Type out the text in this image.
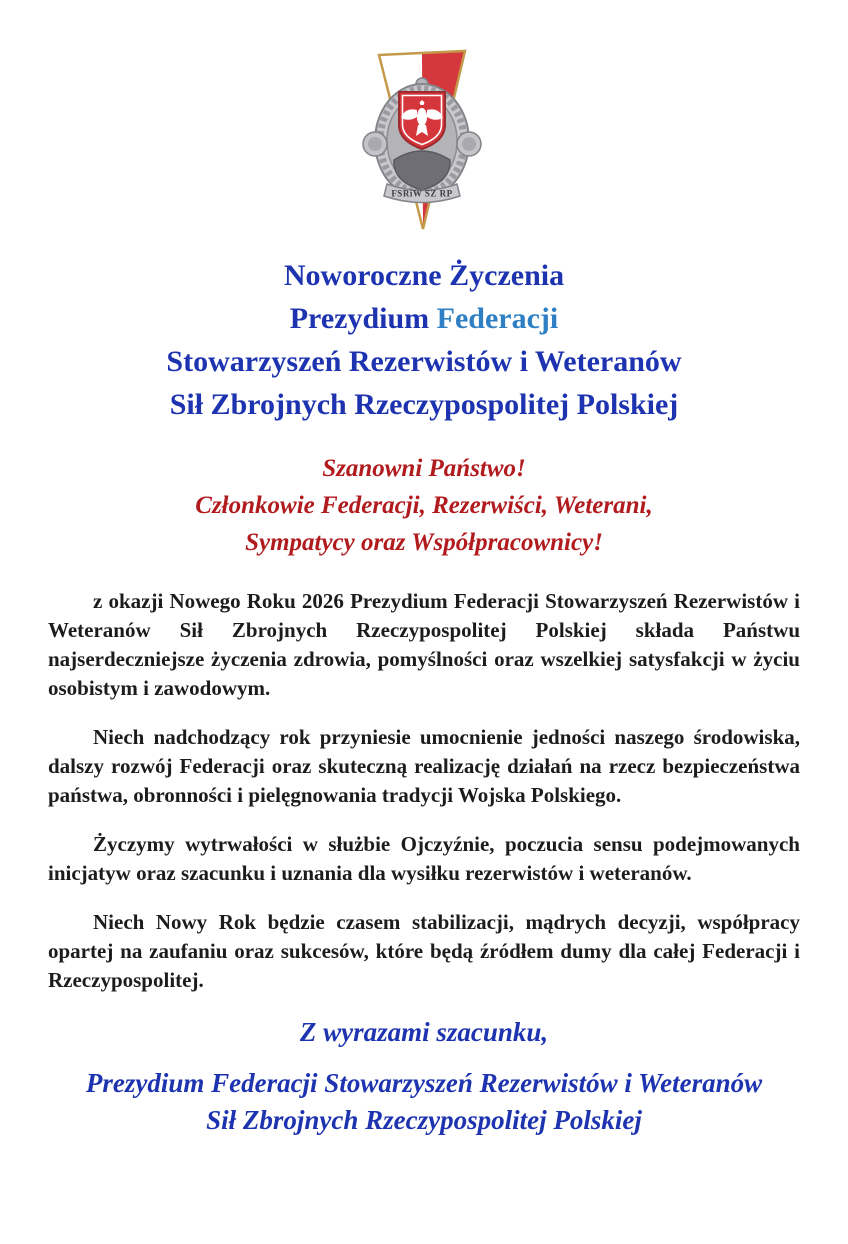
FSRiW SZ RP
Noworoczne Życzenia
Prezydium Federacji
Stowarzyszeń Rezerwistów i Weteranów
Sił Zbrojnych Rzeczypospolitej Polskiej
Szanowni Państwo!
Członkowie Federacji, Rezerwiści, Weterani,
Sympatycy oraz Współpracownicy!

z okazji Nowego Roku 2026 Prezydium Federacji Stowarzyszeń Rezerwistów i Weteranów Sił Zbrojnych Rzeczypospolitej Polskiej składa Państwu najserdeczniejsze życzenia zdrowia, pomyślności oraz wszelkiej satysfakcji w życiu osobistym i zawodowym.

Niech nadchodzący rok przyniesie umocnienie jedności naszego środowiska, dalszy rozwój Federacji oraz skuteczną realizację działań na rzecz bezpieczeństwa państwa, obronności i pielęgnowania tradycji Wojska Polskiego.

Życzymy wytrwałości w służbie Ojczyźnie, poczucia sensu podejmowanych inicjatyw oraz szacunku i uznania dla wysiłku rezerwistów i weteranów.

Niech Nowy Rok będzie czasem stabilizacji, mądrych decyzji, współpracy opartej na zaufaniu oraz sukcesów, które będą źródłem dumy dla całej Federacji i Rzeczypospolitej.

Z wyrazami szacunku,
Prezydium Federacji Stowarzyszeń Rezerwistów i Weteranów
Sił Zbrojnych Rzeczypospolitej Polskiej
